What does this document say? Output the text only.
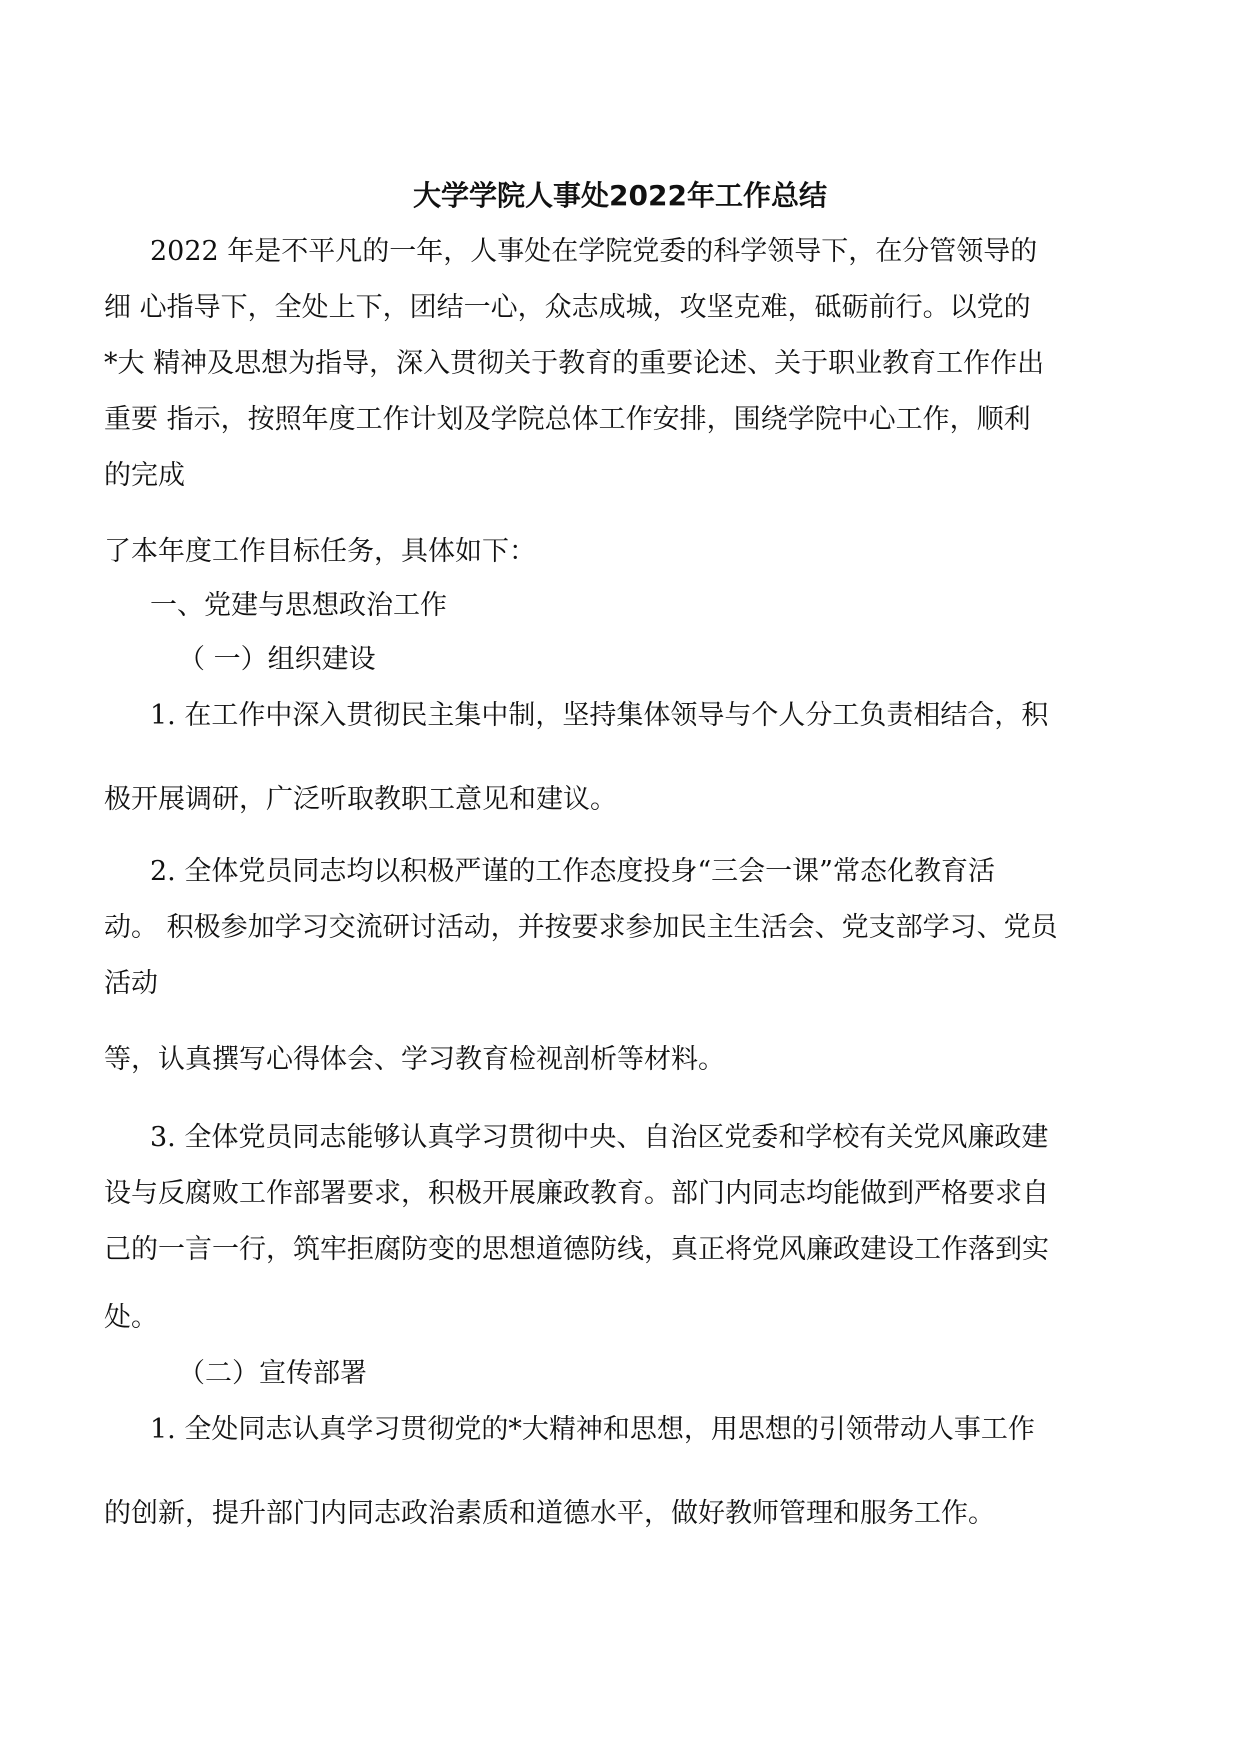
大学学院人事处2022年工作总结

2022 年是不平凡的一年，人事处在学院党委的科学领导下，在分管领导的

细 心指导下，全处上下，团结一心，众志成城，攻坚克难，砥砺前行。以党的

*大 精神及思想为指导，深入贯彻关于教育的重要论述、关于职业教育工作作出

重要 指示，按照年度工作计划及学院总体工作安排，围绕学院中心工作，顺利

的完成

了本年度工作目标任务，具体如下：

一、党建与思想政治工作

（ 一）组织建设

1. 在工作中深入贯彻民主集中制，坚持集体领导与个人分工负责相结合，积

极开展调研，广泛听取教职工意见和建议。

2. 全体党员同志均以积极严谨的工作态度投身“三会一课”常态化教育活

动。 积极参加学习交流研讨活动，并按要求参加民主生活会、党支部学习、党员

活动

等，认真撰写心得体会、学习教育检视剖析等材料。

3. 全体党员同志能够认真学习贯彻中央、自治区党委和学校有关党风廉政建

设与反腐败工作部署要求，积极开展廉政教育。部门内同志均能做到严格要求自

己的一言一行，筑牢拒腐防变的思想道德防线，真正将党风廉政建设工作落到实

处。

（二）宣传部署

1. 全处同志认真学习贯彻党的*大精神和思想，用思想的引领带动人事工作

的创新，提升部门内同志政治素质和道德水平，做好教师管理和服务工作。
